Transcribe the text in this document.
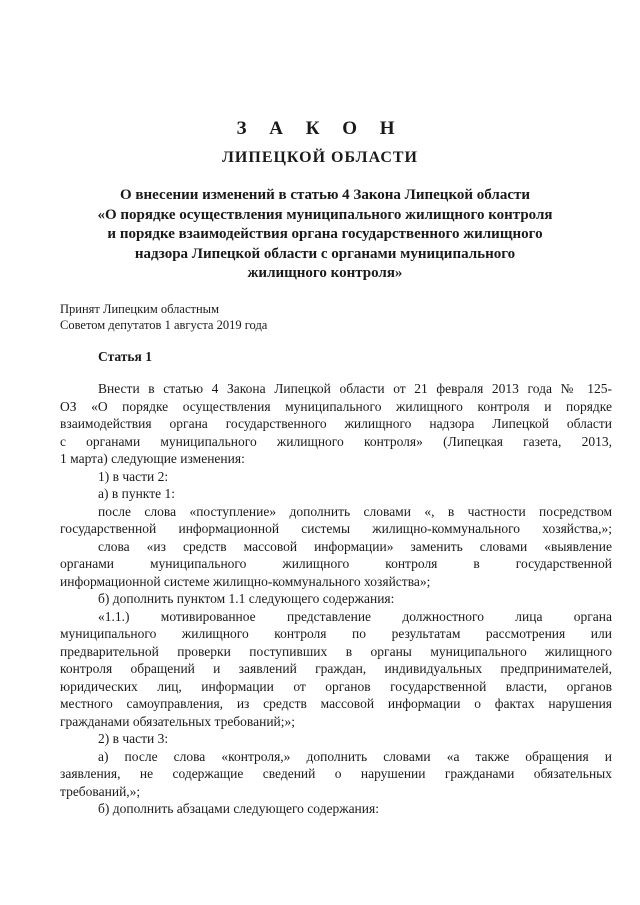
З А К О Н
ЛИПЕЦКОЙ ОБЛАСТИ
О внесении изменений в статью 4 Закона Липецкой области
«О порядке осуществления муниципального жилищного контроля
и порядке взаимодействия органа государственного жилищного
надзора Липецкой области с органами муниципального
жилищного контроля»
Принят Липецким областным
Советом депутатов 1 августа 2019 года
Статья 1
Внести в статью 4 Закона Липецкой области от 21 февраля 2013 года № 125-
ОЗ «О порядке осуществления муниципального жилищного контроля и порядке
взаимодействия органа государственного жилищного надзора Липецкой области
с органами муниципального жилищного контроля» (Липецкая газета, 2013,
1 марта) следующие изменения:
1) в части 2:
а) в пункте 1:
после слова «поступление» дополнить словами «, в частности посредством
государственной информационной системы жилищно-коммунального хозяйства,»;
слова «из средств массовой информации» заменить словами «выявление
органами муниципального жилищного контроля в государственной
информационной системе жилищно-коммунального хозяйства»;
б) дополнить пунктом 1.1 следующего содержания:
«1.1.) мотивированное представление должностного лица органа
муниципального жилищного контроля по результатам рассмотрения или
предварительной проверки поступивших в органы муниципального жилищного
контроля обращений и заявлений граждан, индивидуальных предпринимателей,
юридических лиц, информации от органов государственной власти, органов
местного самоуправления, из средств массовой информации о фактах нарушения
гражданами обязательных требований;»;
2) в части 3:
а) после слова «контроля,» дополнить словами «а также обращения и
заявления, не содержащие сведений о нарушении гражданами обязательных
требований,»;
б) дополнить абзацами следующего содержания:
